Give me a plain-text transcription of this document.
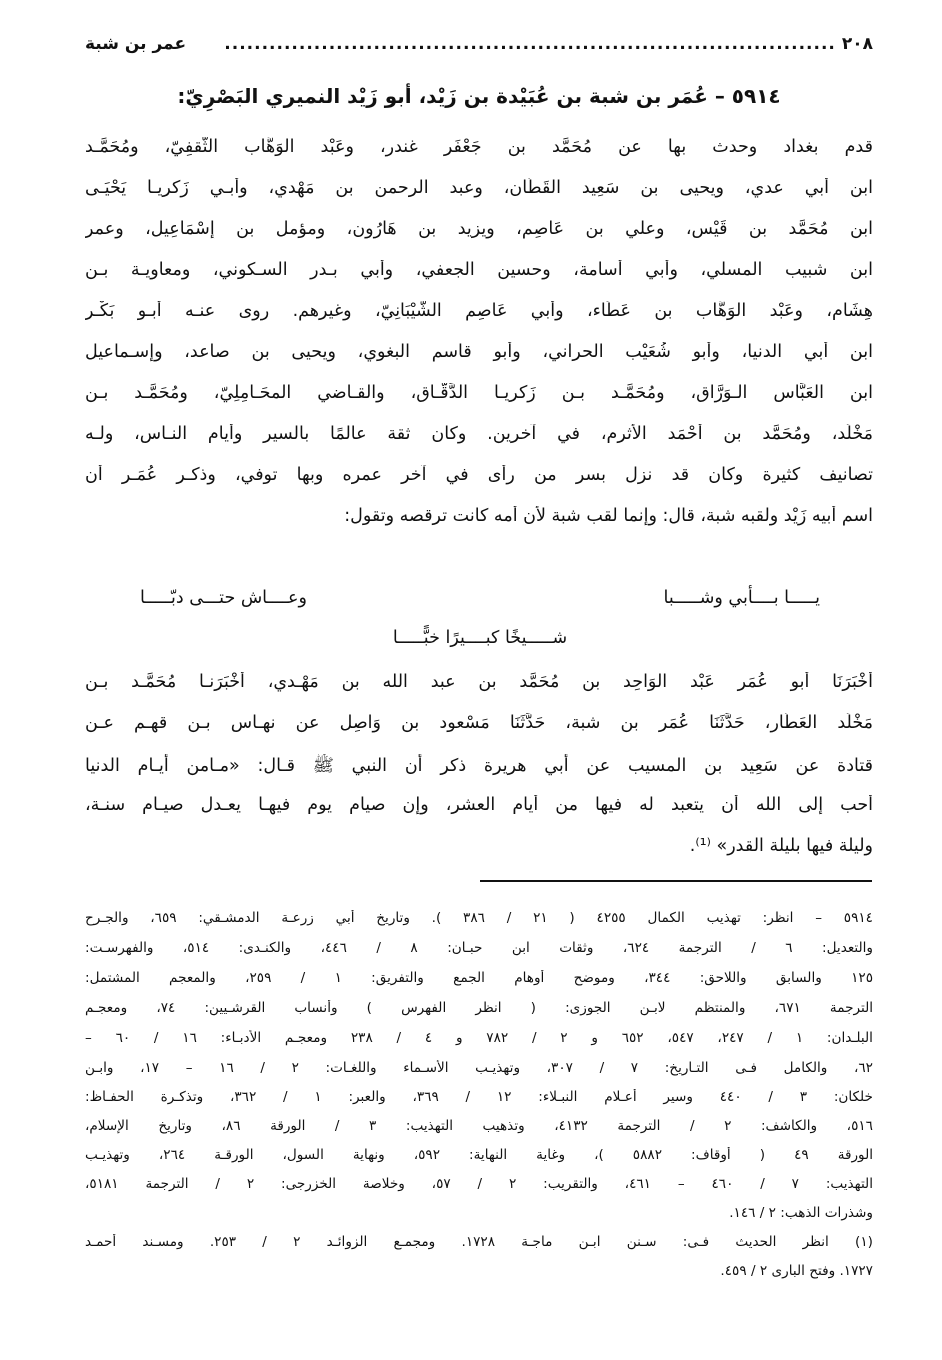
٢٠٨
..................................................................................
عمر بن شبة
٥٩١٤ – عُمَر بن شبة بن عُبَيْدة بن زَيْد، أبو زَيْد النميري البَصْرِيّ:
قدم بغداد وحدث بها عن مُحَمَّد بن جَعْفَر غندر، وعَبْد الوَهَّاب الثَّقفِيّ، ومُحَمَّـد
ابن أبي عدي، ويحيى بن سَعِيد القَطَّان، وعبد الرحمن بن مَهْدي، وأبـي زَكريـا يَحْيَـى
ابن مُحَمَّد بن قَيْس، وعلي بن عَاصِم، ويزيد بن هَارُون، ومؤمل بن إِسْمَاعِيل، وعمر
ابن شبيب المسلي، وأبي أسامة، وحسين الجعفي، وأبي بـدر السـكوني، ومعاويـة بـن
هِشَام، وعَبْد الوَهَّاب بن عَطَاء، وأبي عَاصِم الشَّيْبَانِيّ، وغيرهم. روى عنـه أَبـو بَكْـر
ابن أبي الدنيا، وأبو شُعَيْب الحراني، وأبو قاسم البغوي، ويحيى بن صاعد، وإسـماعيل
ابن العَبَّاس الـوَرَّاق، ومُحَمَّـد بـن زَكريـا الدَّقَّـاق، والقـاضي المحَـامِلِيّ، ومُحَمَّـد بـن
مَخْلَد، ومُحَمَّد بن أَحْمَد الأثرم، في آخرين. وكان ثقة عالمًا بالسير وأيام النـاس، ولـه
تصانيف كثيرة وكان قد نزل بسر من رأى في آخر عمره وبها توفي، وذكـر عُمَـر أن
اسم أبيه زَيْد ولقبه شبة، قال: وإنما لقب شبة لأن أمه كانت ترقصه وتقول:
يـــــا بــــأبي وشـــــبا
وعــــاش حتـــى دبّـــــا
شـــــيخًا كبــــيرًا خبًّـــــا
أَخْبَرَنَا أبو عُمَر عَبْد الوَاحِد بن مُحَمَّد بن عبد الله بن مَهْـدي، أَخْبَرَنـا مُحَمَّـد بـن
مَخْلَد العَطَّار، حَدَّثَنَا عُمَر بن شبة، حَدَّثَنَا مَسْعود بن وَاصِل عن نهـاس بـن قهـم عـن
قتادة عن سَعِيد بن المسيب عن أبي هريرة ذكر أن النبي ﷺ قـال: «مـامن أيـام الدنيا
أحب إلى الله أن يتعبد له فيها من أيام العشر، وإن صيام يوم فيهـا يعـدل صيـام سنـة،
وليلة فيها بليلة القدر» ⁽¹⁾.
٥٩١٤ – انظر: تهذيب الكمال ٤٢٥٥ ( ٢١ / ٣٨٦ ). وتاريخ أبي زرعـة الدمشـقي: ٦٥٩، والجـرح
والتعديل: ٦ / الترجمة ٦٢٤، وثقات ابن حبـان: ٨ / ٤٤٦، والكنـدى: ٥١٤، والفهرسـت:
١٢٥ والسابق واللاحق: ٣٤٤، وموضح أوهام الجمع والتفريق: ١ / ٢٥٩، والمعجم المشتمل:
الترجمة ٦٧١، والمنتظم لابـن الجوزى: ( انظر الفهرس ) وأنساب القرشـيين: ٧٤، ومعجـم
البلـدان: ١ / ٢٤٧، ٥٤٧، ٦٥٢ و ٢ / ٧٨٢ و ٤ / ٢٣٨ ومعجـم الأدبـاء: ١٦ / ٦٠ –
٦٢، والكامل فـى التـاريخ: ٧ / ٣٠٧، وتهذيـب الأسـماء واللغـات: ٢ / ١٦ – ١٧، وابـن
خلكان: ٣ / ٤٤٠ وسير أعـلام النبـلاء: ١٢ / ٣٦٩، والعبر: ١ / ٣٦٢، وتذكـرة الحفـاظ:
٥١٦، والكاشف: ٢ / الترجمة ٤١٣٢، وتذهيب التهذيب: ٣ / الورقة ٨٦، وتاريخ الإسلام،
الورقة ٤٩ ( أوقاف: ٥٨٨٢ )، وغاية النهاية: ٥٩٢، ونهاية السول، الورقـة ٢٦٤، وتهذيـب
التهذيب: ٧ / ٤٦٠ – ٤٦١، والتقريب: ٢ / ٥٧، وخلاصة الخزرجى: ٢ / الترجمة ٥١٨١،
وشذرات الذهب: ٢ / ١٤٦.
(١) انظر الحديث فـى: سـنن ابـن ماجـة ١٧٢٨. ومجمـع الزوائـد ٢ / ٢٥٣. ومسـند أحمـد
١٧٢٧. وفتح البارى ٢ / ٤٥٩.
